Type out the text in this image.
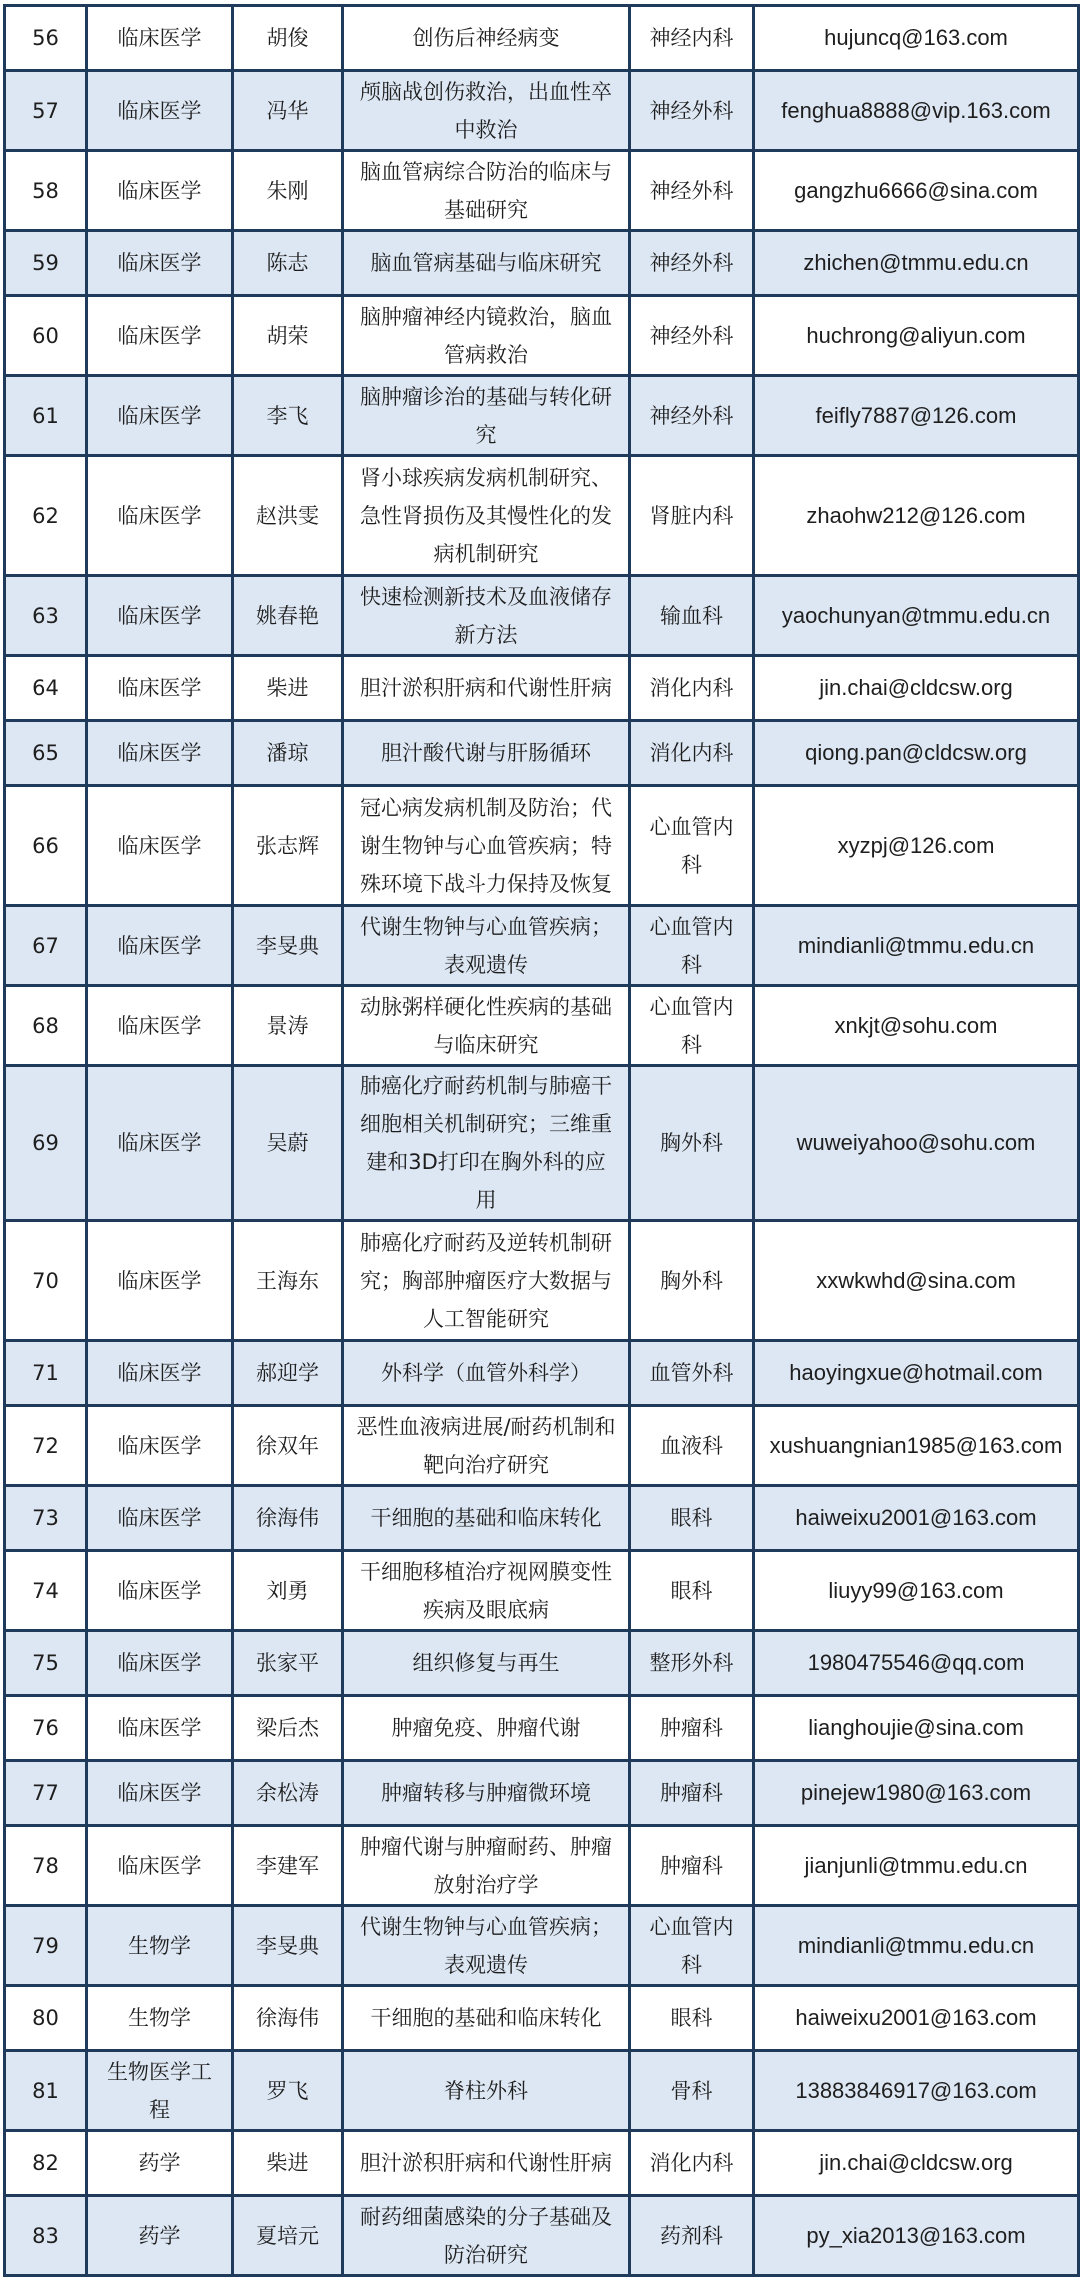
56	临床医学	胡俊	创伤后神经病变	神经内科	hujuncq@163.com
57	临床医学	冯华	颅脑战创伤救治，出血性卒中救治	神经外科	fenghua8888@vip.163.com
58	临床医学	朱刚	脑血管病综合防治的临床与基础研究	神经外科	gangzhu6666@sina.com
59	临床医学	陈志	脑血管病基础与临床研究	神经外科	zhichen@tmmu.edu.cn
60	临床医学	胡荣	脑肿瘤神经内镜救治，脑血管病救治	神经外科	huchrong@aliyun.com
61	临床医学	李飞	脑肿瘤诊治的基础与转化研究	神经外科	feifly7887@126.com
62	临床医学	赵洪雯	肾小球疾病发病机制研究、急性肾损伤及其慢性化的发病机制研究	肾脏内科	zhaohw212@126.com
63	临床医学	姚春艳	快速检测新技术及血液储存新方法	输血科	yaochunyan@tmmu.edu.cn
64	临床医学	柴进	胆汁淤积肝病和代谢性肝病	消化内科	jin.chai@cldcsw.org
65	临床医学	潘琼	胆汁酸代谢与肝肠循环	消化内科	qiong.pan@cldcsw.org
66	临床医学	张志辉	冠心病发病机制及防治；代谢生物钟与心血管疾病；特殊环境下战斗力保持及恢复	心血管内科	xyzpj@126.com
67	临床医学	李旻典	代谢生物钟与心血管疾病；表观遗传	心血管内科	mindianli@tmmu.edu.cn
68	临床医学	景涛	动脉粥样硬化性疾病的基础与临床研究	心血管内科	xnkjt@sohu.com
69	临床医学	吴蔚	肺癌化疗耐药机制与肺癌干细胞相关机制研究；三维重建和3D打印在胸外科的应用	胸外科	wuweiyahoo@sohu.com
70	临床医学	王海东	肺癌化疗耐药及逆转机制研究；胸部肿瘤医疗大数据与人工智能研究	胸外科	xxwkwhd@sina.com
71	临床医学	郝迎学	外科学（血管外科学）	血管外科	haoyingxue@hotmail.com
72	临床医学	徐双年	恶性血液病进展/耐药机制和靶向治疗研究	血液科	xushuangnian1985@163.com
73	临床医学	徐海伟	干细胞的基础和临床转化	眼科	haiweixu2001@163.com
74	临床医学	刘勇	干细胞移植治疗视网膜变性疾病及眼底病	眼科	liuyy99@163.com
75	临床医学	张家平	组织修复与再生	整形外科	1980475546@qq.com
76	临床医学	梁后杰	肿瘤免疫、肿瘤代谢	肿瘤科	lianghoujie@sina.com
77	临床医学	余松涛	肿瘤转移与肿瘤微环境	肿瘤科	pinejew1980@163.com
78	临床医学	李建军	肿瘤代谢与肿瘤耐药、肿瘤放射治疗学	肿瘤科	jianjunli@tmmu.edu.cn
79	生物学	李旻典	代谢生物钟与心血管疾病；表观遗传	心血管内科	mindianli@tmmu.edu.cn
80	生物学	徐海伟	干细胞的基础和临床转化	眼科	haiweixu2001@163.com
81	生物医学工程	罗飞	脊柱外科	骨科	13883846917@163.com
82	药学	柴进	胆汁淤积肝病和代谢性肝病	消化内科	jin.chai@cldcsw.org
83	药学	夏培元	耐药细菌感染的分子基础及防治研究	药剂科	py_xia2013@163.com
